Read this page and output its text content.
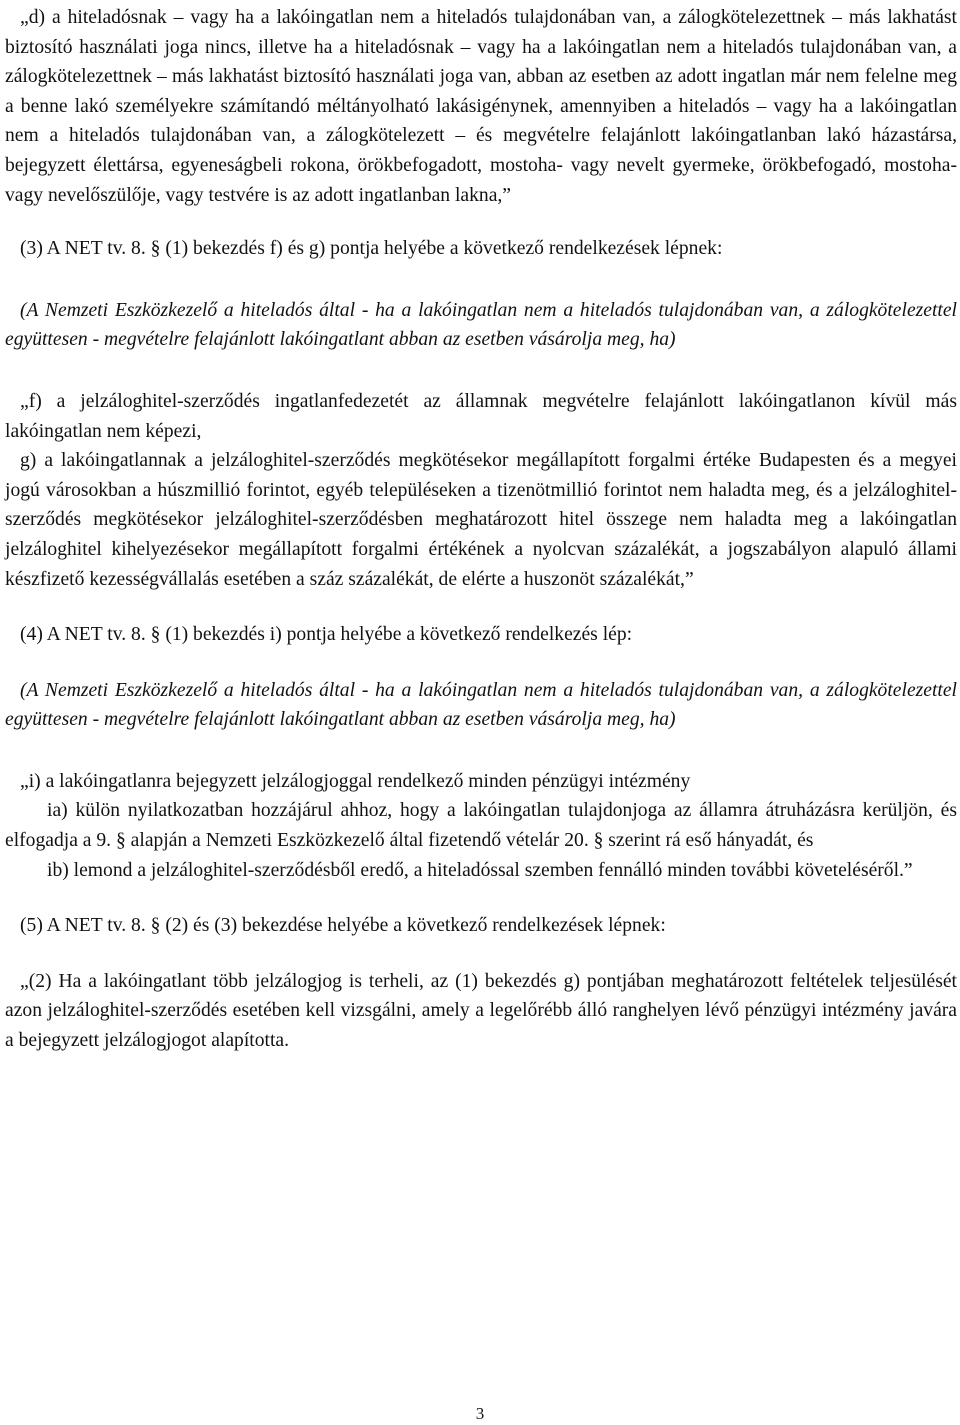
„d) a hiteladósnak ‒ vagy ha a lakóingatlan nem a hiteladós tulajdonában van, a zálogkötelezettnek ‒ más lakhatást biztosító használati joga nincs, illetve ha a hiteladósnak ‒ vagy ha a lakóingatlan nem a hiteladós tulajdonában van, a zálogkötelezettnek ‒ más lakhatást biztosító használati joga van, abban az esetben az adott ingatlan már nem felelne meg a benne lakó személyekre számítandó méltányolható lakásigénynek, amennyiben a hiteladós ‒ vagy ha a lakóingatlan nem a hiteladós tulajdonában van, a zálogkötelezett ‒ és megvételre felajánlott lakóingatlanban lakó házastársa, bejegyzett élettársa, egyeneságbeli rokona, örökbefogadott, mostoha- vagy nevelt gyermeke, örökbefogadó, mostoha- vagy nevelőszülője, vagy testvére is az adott ingatlanban lakna,”

(3) A NET tv. 8. § (1) bekezdés f) és g) pontja helyébe a következő rendelkezések lépnek:

(A Nemzeti Eszközkezelő a hiteladós által - ha a lakóingatlan nem a hiteladós tulajdonában van, a zálogkötelezettel együttesen - megvételre felajánlott lakóingatlant abban az esetben vásárolja meg, ha)

„f) a jelzáloghitel-szerződés ingatlanfedezetét az államnak megvételre felajánlott lakóingatlanon kívül más lakóingatlan nem képezi,

g) a lakóingatlannak a jelzáloghitel-szerződés megkötésekor megállapított forgalmi értéke Budapesten és a megyei jogú városokban a húszmillió forintot, egyéb településeken a tizenötmillió forintot nem haladta meg, és a jelzáloghitel-szerződés megkötésekor jelzáloghitel-szerződésben meghatározott hitel összege nem haladta meg a lakóingatlan jelzáloghitel kihelyezésekor megállapított forgalmi értékének a nyolcvan százalékát, a jogszabályon alapuló állami készfizető kezességvállalás esetében a száz százalékát, de elérte a huszonöt százalékát,”

(4) A NET tv. 8. § (1) bekezdés i) pontja helyébe a következő rendelkezés lép:

(A Nemzeti Eszközkezelő a hiteladós által - ha a lakóingatlan nem a hiteladós tulajdonában van, a zálogkötelezettel együttesen - megvételre felajánlott lakóingatlant abban az esetben vásárolja meg, ha)

„i) a lakóingatlanra bejegyzett jelzálogjoggal rendelkező minden pénzügyi intézmény

ia) külön nyilatkozatban hozzájárul ahhoz, hogy a lakóingatlan tulajdonjoga az államra átruházásra kerüljön, és elfogadja a 9. § alapján a Nemzeti Eszközkezelő által fizetendő vételár 20. § szerint rá eső hányadát, és

ib) lemond a jelzáloghitel-szerződésből eredő, a hiteladóssal szemben fennálló minden további követeléséről.”

(5) A NET tv. 8. § (2) és (3) bekezdése helyébe a következő rendelkezések lépnek:

„(2) Ha a lakóingatlant több jelzálogjog is terheli, az (1) bekezdés g) pontjában meghatározott feltételek teljesülését azon jelzáloghitel-szerződés esetében kell vizsgálni, amely a legelőrébb álló ranghelyen lévő pénzügyi intézmény javára a bejegyzett jelzálogjogot alapította.

3
